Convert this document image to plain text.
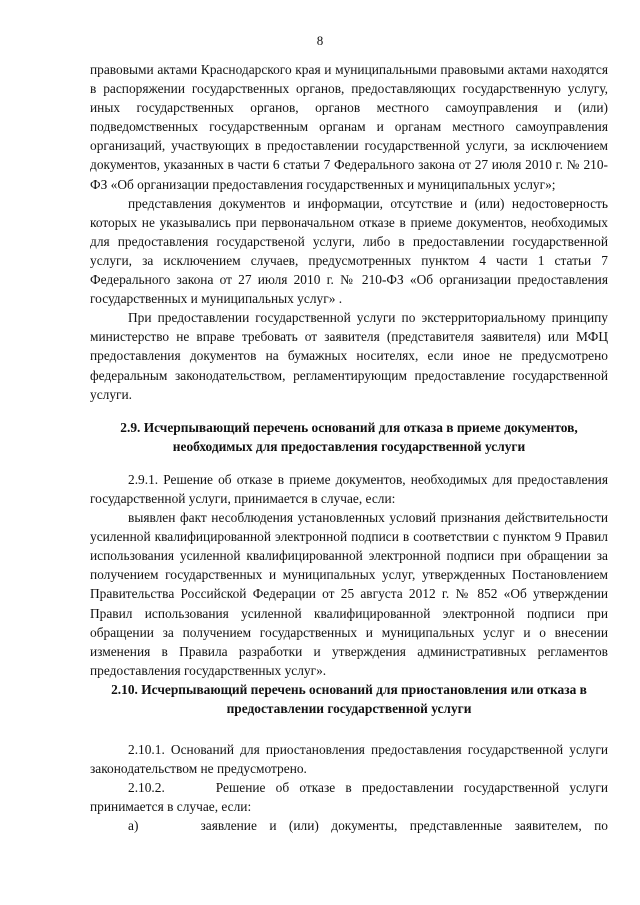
8

правовыми актами Краснодарского края и муниципальными правовыми актами находятся в распоряжении государственных органов, предоставляющих государственную услугу, иных государственных органов, органов местного самоуправления и (или) подведомственных государственным органам и органам местного самоуправления организаций, участвующих в предоставлении государственной услуги, за исключением документов, указанных в части 6 статьи 7 Федерального закона от 27 июля 2010 г. № 210-ФЗ «Об организации предоставления государственных и муниципальных услуг»;

представления документов и информации, отсутствие и (или) недостоверность которых не указывались при первоначальном отказе в приеме документов, необходимых для предоставления государственой услуги, либо в предоставлении государственной услуги, за исключением случаев, предусмотренных пунктом 4 части 1 статьи 7 Федерального закона от 27 июля 2010 г. № 210-ФЗ «Об организации предоставления государственных и муниципальных услуг» .

При предоставлении государственной услуги по экстерриториальному принципу министерство не вправе требовать от заявителя (представителя заявителя) или МФЦ предоставления документов на бумажных носителях, если иное не предусмотрено федеральным законодательством, регламентирующим предоставление государственной услуги.

2.9. Исчерпывающий перечень оснований для отказа в приеме документов, необходимых для предоставления государственной услуги

2.9.1. Решение об отказе в приеме документов, необходимых для предоставления государственной услуги, принимается в случае, если:

выявлен факт несоблюдения установленных условий признания действительности усиленной квалифицированной электронной подписи в соответствии с пунктом 9 Правил использования усиленной квалифицированной электронной подписи при обращении за получением государственных и муниципальных услуг, утвержденных Постановлением Правительства Российской Федерации от 25 августа 2012 г. № 852 «Об утверждении Правил использования усиленной квалифицированной электронной подписи при обращении за получением государственных и муниципальных услуг и о внесении изменения в Правила разработки и утверждения административных регламентов предоставления государственных услуг».

2.10. Исчерпывающий перечень оснований для приостановления или отказа в предоставлении государственной услуги

2.10.1. Оснований для приостановления предоставления государственной услуги законодательством не предусмотрено.

2.10.2.     Решение об отказе в предоставлении государственной услуги принимается в случае, если:

а)     заявление и (или) документы, представленные заявителем, по
